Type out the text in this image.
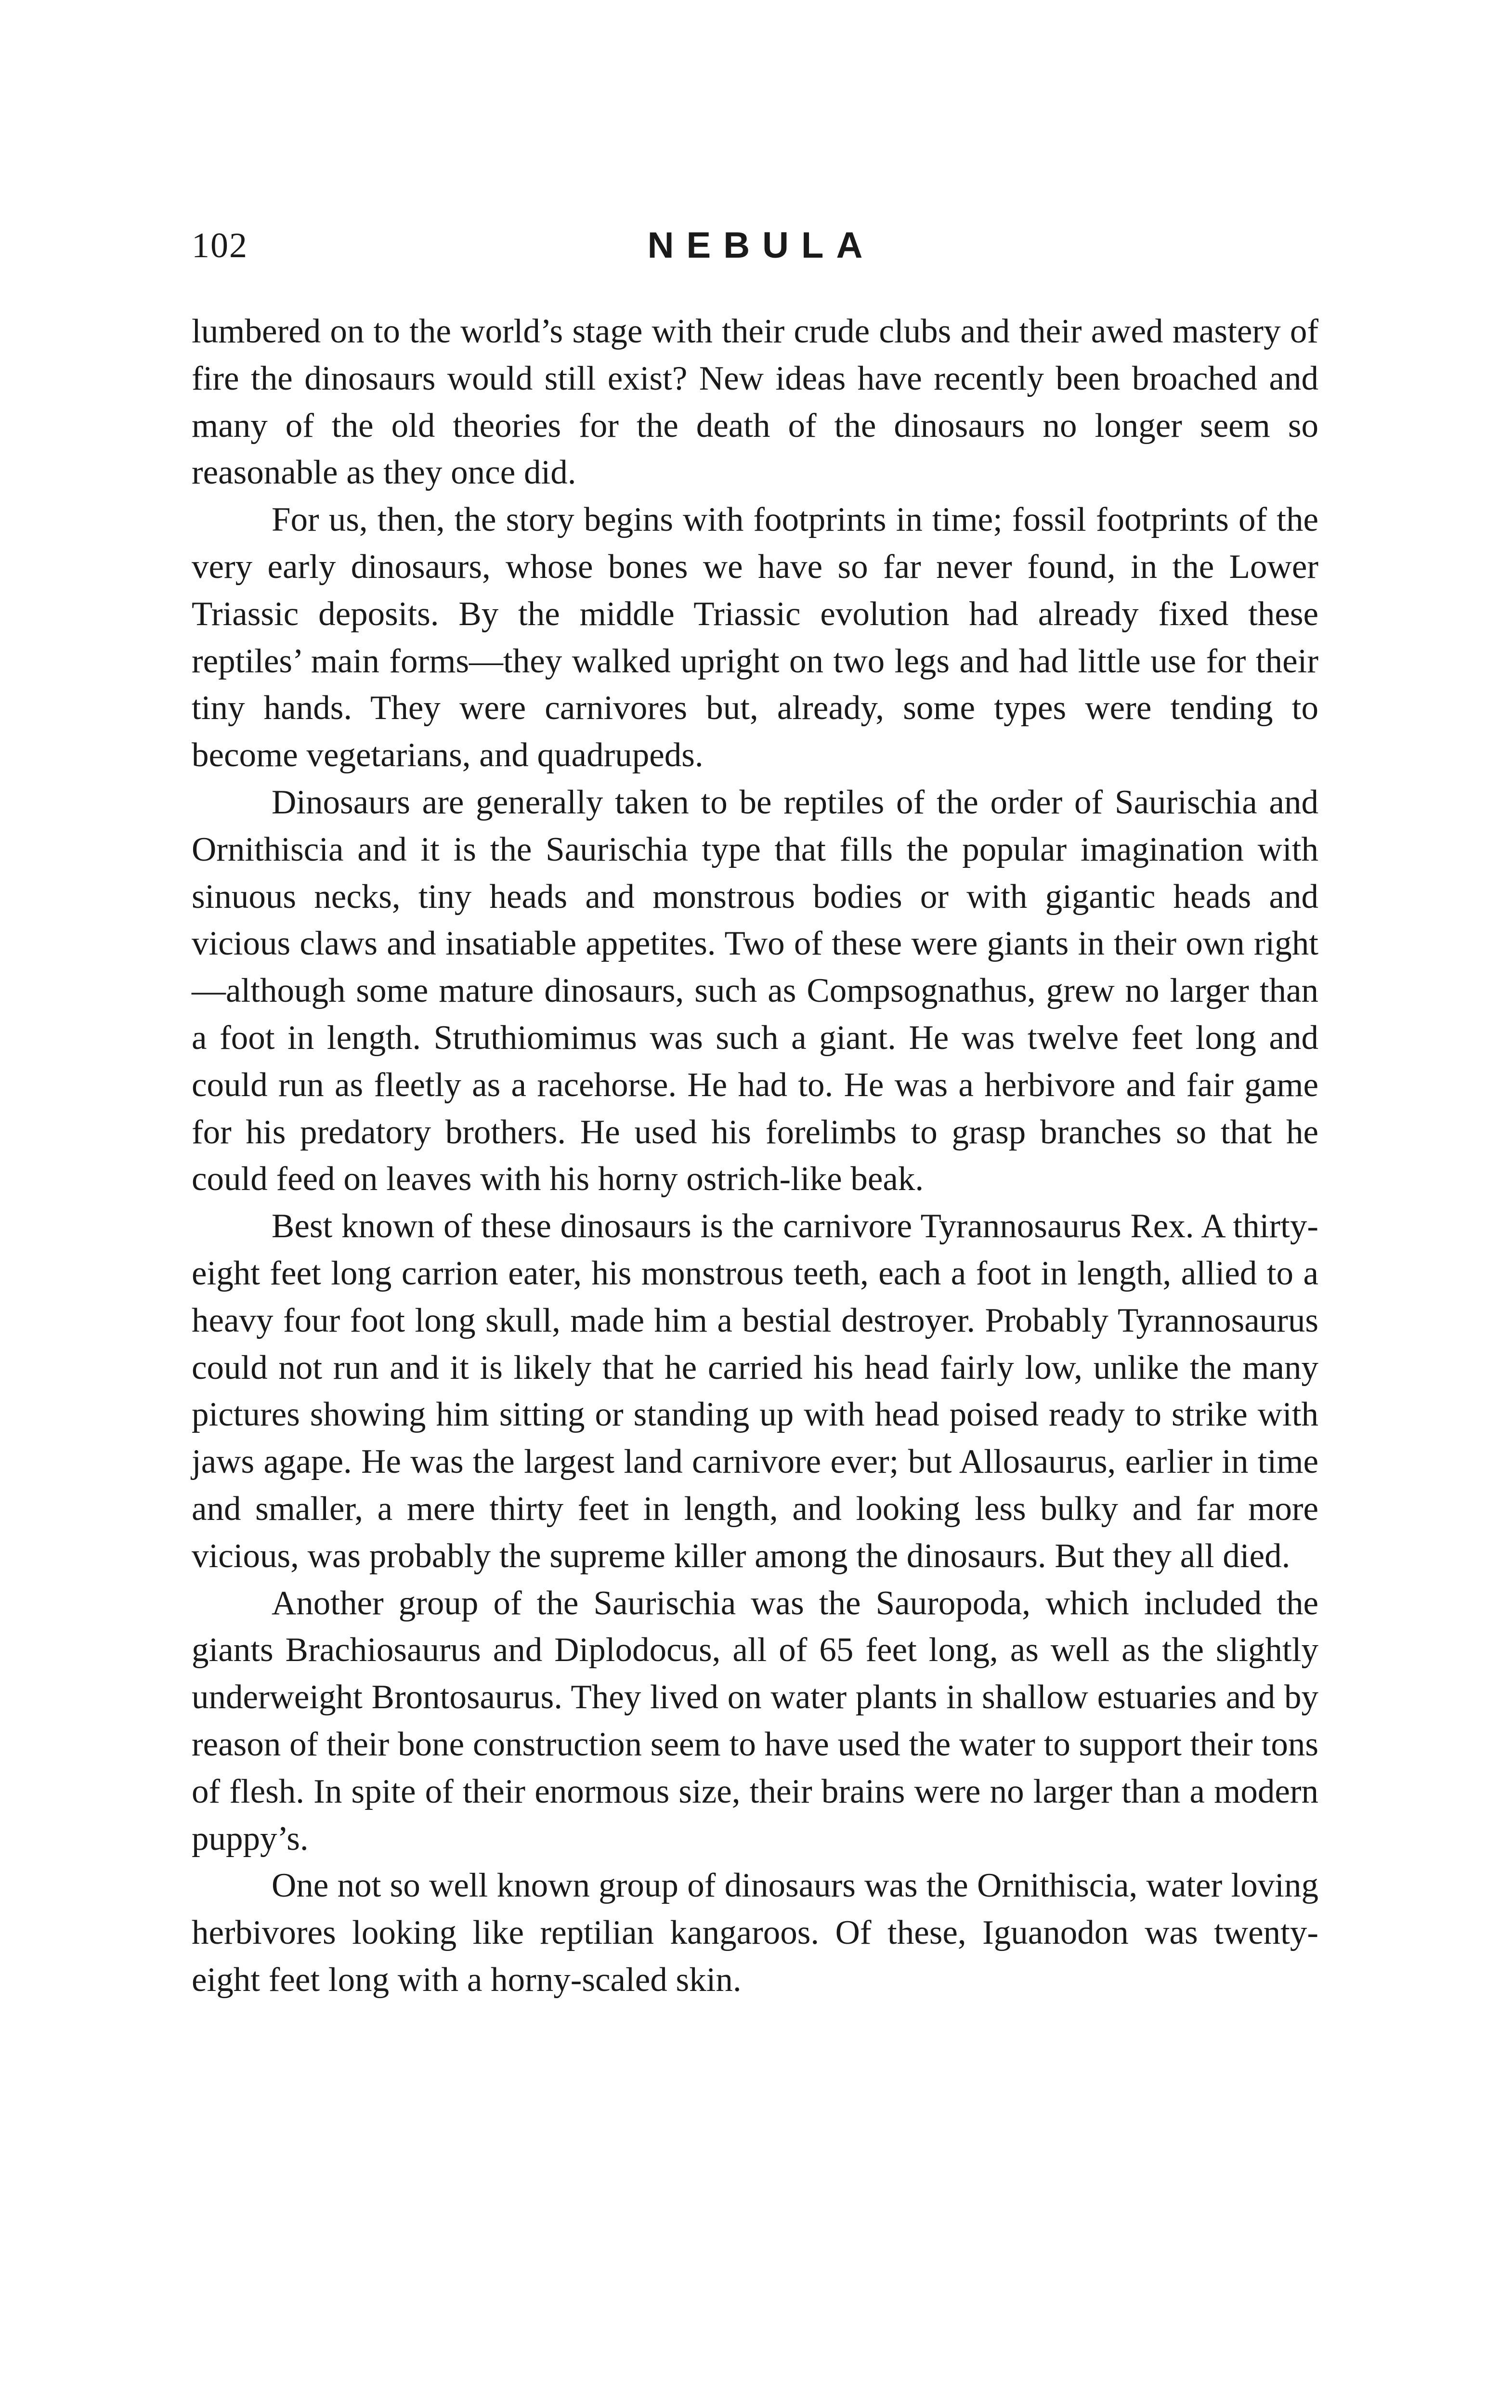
102	NEBULA

lumbered on to the world’s stage with their crude clubs and their awed mastery of fire the dinosaurs would still exist? New ideas have recently been broached and many of the old theories for the death of the dinosaurs no longer seem so reasonable as they once did.

For us, then, the story begins with footprints in time; fossil footprints of the very early dinosaurs, whose bones we have so far never found, in the Lower Triassic deposits. By the middle Triassic evolution had already fixed these reptiles’ main forms—they walked upright on two legs and had little use for their tiny hands. They were carnivores but, already, some types were tending to become vegetarians, and quadrupeds.

Dinosaurs are generally taken to be reptiles of the order of Saurischia and Ornithiscia and it is the Saurischia type that fills the popular imagination with sinuous necks, tiny heads and monstrous bodies or with gigantic heads and vicious claws and insatiable appetites. Two of these were giants in their own right—although some mature dinosaurs, such as Compsognathus, grew no larger than a foot in length. Struthiomimus was such a giant. He was twelve feet long and could run as fleetly as a racehorse. He had to. He was a herbivore and fair game for his predatory brothers. He used his forelimbs to grasp branches so that he could feed on leaves with his horny ostrich-like beak.

Best known of these dinosaurs is the carnivore Tyrannosaurus Rex. A thirty-eight feet long carrion eater, his monstrous teeth, each a foot in length, allied to a heavy four foot long skull, made him a bestial destroyer. Probably Tyrannosaurus could not run and it is likely that he carried his head fairly low, unlike the many pictures showing him sitting or standing up with head poised ready to strike with jaws agape. He was the largest land carnivore ever; but Allosaurus, earlier in time and smaller, a mere thirty feet in length, and looking less bulky and far more vicious, was probably the supreme killer among the dinosaurs. But they all died.

Another group of the Saurischia was the Sauropoda, which included the giants Brachiosaurus and Diplodocus, all of 65 feet long, as well as the slightly underweight Brontosaurus. They lived on water plants in shallow estuaries and by reason of their bone construction seem to have used the water to support their tons of flesh. In spite of their enormous size, their brains were no larger than a modern puppy’s.

One not so well known group of dinosaurs was the Ornithiscia, water loving herbivores looking like reptilian kangaroos. Of these, Iguanodon was twenty-eight feet long with a horny-scaled skin.
